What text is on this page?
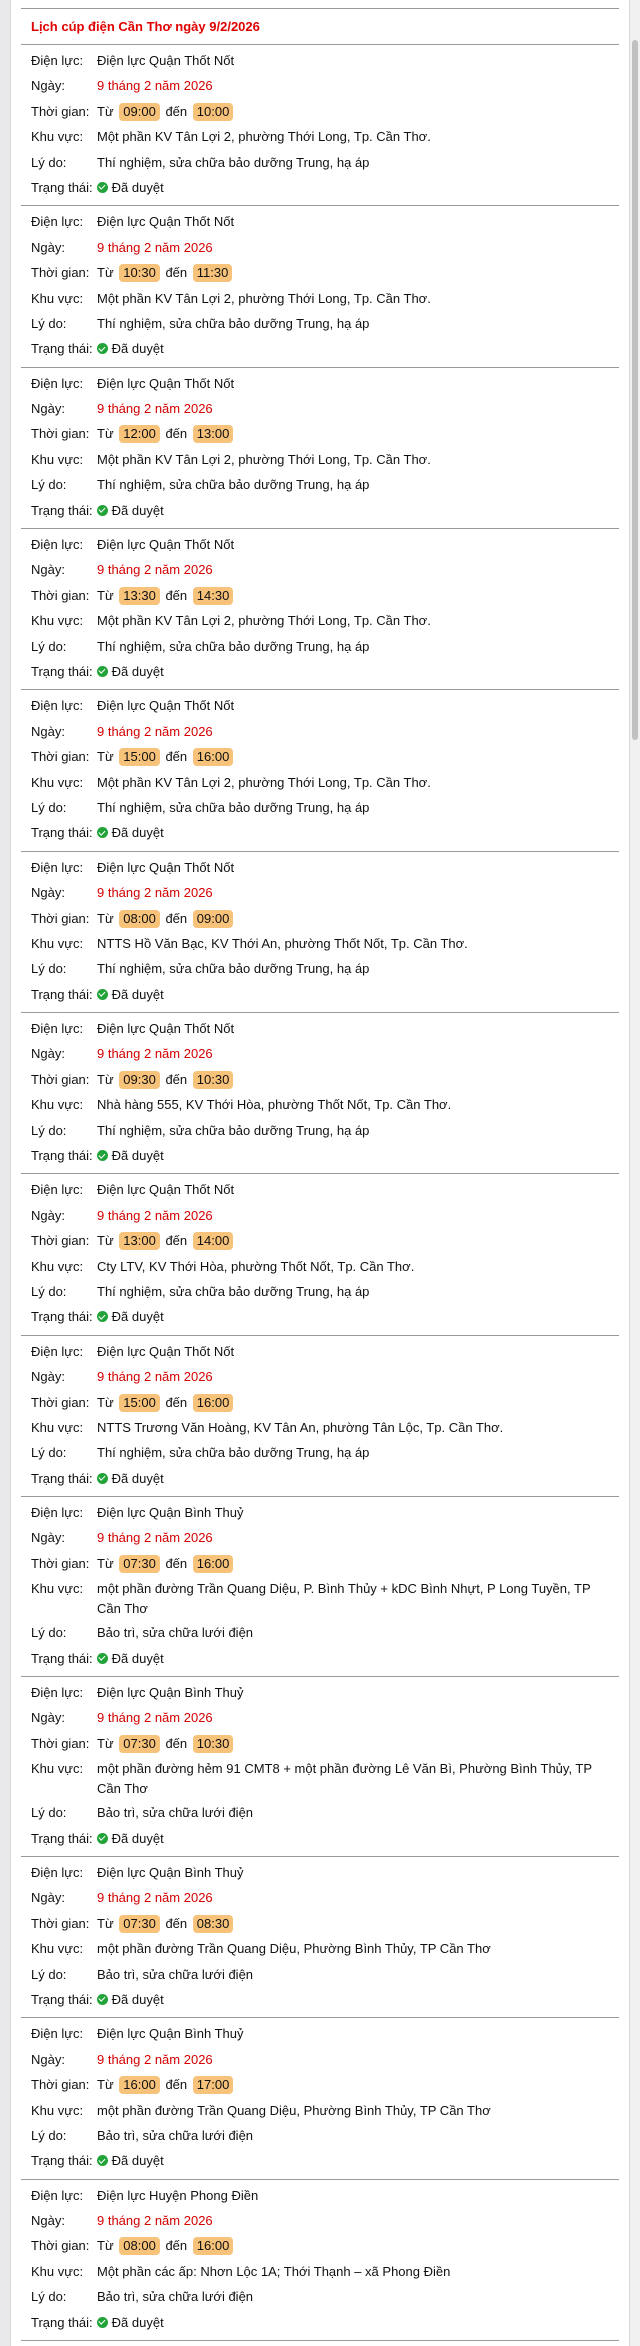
Lịch cúp điện Cần Thơ ngày 9/2/2026
Điện lực:	Điện lực Quận Thốt Nốt
Ngày:	9 tháng 2 năm 2026
Thời gian: Từ 09:00 đến 10:00
Khu vực:	Một phần KV Tân Lợi 2, phường Thới Long, Tp. Cần Thơ.
Lý do:	Thí nghiệm, sửa chữa bảo dưỡng Trung, hạ áp
Trạng thái:	Đã duyệt
Điện lực:	Điện lực Quận Thốt Nốt
Ngày:	9 tháng 2 năm 2026
Thời gian: Từ 10:30 đến 11:30
Khu vực:	Một phần KV Tân Lợi 2, phường Thới Long, Tp. Cần Thơ.
Lý do:	Thí nghiệm, sửa chữa bảo dưỡng Trung, hạ áp
Trạng thái:	Đã duyệt
Điện lực:	Điện lực Quận Thốt Nốt
Ngày:	9 tháng 2 năm 2026
Thời gian: Từ 12:00 đến 13:00
Khu vực:	Một phần KV Tân Lợi 2, phường Thới Long, Tp. Cần Thơ.
Lý do:	Thí nghiệm, sửa chữa bảo dưỡng Trung, hạ áp
Trạng thái:	Đã duyệt
Điện lực:	Điện lực Quận Thốt Nốt
Ngày:	9 tháng 2 năm 2026
Thời gian: Từ 13:30 đến 14:30
Khu vực:	Một phần KV Tân Lợi 2, phường Thới Long, Tp. Cần Thơ.
Lý do:	Thí nghiệm, sửa chữa bảo dưỡng Trung, hạ áp
Trạng thái:	Đã duyệt
Điện lực:	Điện lực Quận Thốt Nốt
Ngày:	9 tháng 2 năm 2026
Thời gian: Từ 15:00 đến 16:00
Khu vực:	Một phần KV Tân Lợi 2, phường Thới Long, Tp. Cần Thơ.
Lý do:	Thí nghiệm, sửa chữa bảo dưỡng Trung, hạ áp
Trạng thái:	Đã duyệt
Điện lực:	Điện lực Quận Thốt Nốt
Ngày:	9 tháng 2 năm 2026
Thời gian: Từ 08:00 đến 09:00
Khu vực:	NTTS Hồ Văn Bạc, KV Thới An, phường Thốt Nốt, Tp. Cần Thơ.
Lý do:	Thí nghiệm, sửa chữa bảo dưỡng Trung, hạ áp
Trạng thái:	Đã duyệt
Điện lực:	Điện lực Quận Thốt Nốt
Ngày:	9 tháng 2 năm 2026
Thời gian: Từ 09:30 đến 10:30
Khu vực:	Nhà hàng 555, KV Thới Hòa, phường Thốt Nốt, Tp. Cần Thơ.
Lý do:	Thí nghiệm, sửa chữa bảo dưỡng Trung, hạ áp
Trạng thái:	Đã duyệt
Điện lực:	Điện lực Quận Thốt Nốt
Ngày:	9 tháng 2 năm 2026
Thời gian: Từ 13:00 đến 14:00
Khu vực:	Cty LTV, KV Thới Hòa, phường Thốt Nốt, Tp. Cần Thơ.
Lý do:	Thí nghiệm, sửa chữa bảo dưỡng Trung, hạ áp
Trạng thái:	Đã duyệt
Điện lực:	Điện lực Quận Thốt Nốt
Ngày:	9 tháng 2 năm 2026
Thời gian: Từ 15:00 đến 16:00
Khu vực:	NTTS Trương Văn Hoàng, KV Tân An, phường Tân Lộc, Tp. Cần Thơ.
Lý do:	Thí nghiệm, sửa chữa bảo dưỡng Trung, hạ áp
Trạng thái:	Đã duyệt
Điện lực:	Điện lực Quận Bình Thuỷ
Ngày:	9 tháng 2 năm 2026
Thời gian: Từ 07:30 đến 16:00
Khu vực:	một phần đường Trần Quang Diệu, P. Bình Thủy + kDC Bình Nhựt, P Long Tuyền, TP Cần Thơ
Lý do:	Bảo trì, sửa chữa lưới điện
Trạng thái:	Đã duyệt
Điện lực:	Điện lực Quận Bình Thuỷ
Ngày:	9 tháng 2 năm 2026
Thời gian: Từ 07:30 đến 10:30
Khu vực:	một phần đường hẻm 91 CMT8 + một phần đường Lê Văn Bì, Phường Bình Thủy, TP Cần Thơ
Lý do:	Bảo trì, sửa chữa lưới điện
Trạng thái:	Đã duyệt
Điện lực:	Điện lực Quận Bình Thuỷ
Ngày:	9 tháng 2 năm 2026
Thời gian: Từ 07:30 đến 08:30
Khu vực:	một phần đường Trần Quang Diệu, Phường Bình Thủy, TP Cần Thơ
Lý do:	Bảo trì, sửa chữa lưới điện
Trạng thái:	Đã duyệt
Điện lực:	Điện lực Quận Bình Thuỷ
Ngày:	9 tháng 2 năm 2026
Thời gian: Từ 16:00 đến 17:00
Khu vực:	một phần đường Trần Quang Diệu, Phường Bình Thủy, TP Cần Thơ
Lý do:	Bảo trì, sửa chữa lưới điện
Trạng thái:	Đã duyệt
Điện lực:	Điện lực Huyện Phong Điền
Ngày:	9 tháng 2 năm 2026
Thời gian: Từ 08:00 đến 16:00
Khu vực:	Một phần các ấp: Nhơn Lộc 1A; Thới Thạnh – xã Phong Điền
Lý do:	Bảo trì, sửa chữa lưới điện
Trạng thái:	Đã duyệt
